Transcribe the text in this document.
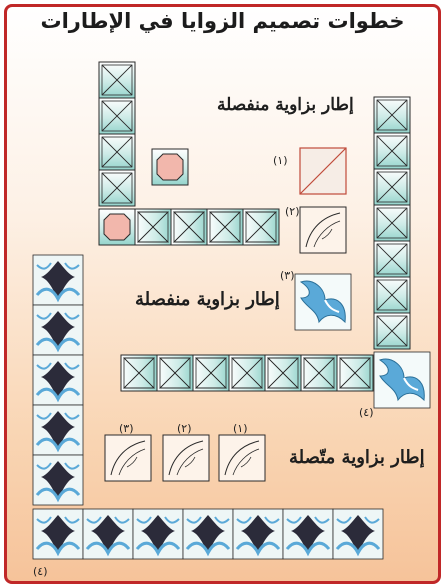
خطوات تصميم الزوايا في الإطارات
إطار بزاوية منفصلة
إطار بزاوية منفصلة
إطار بزاوية متّصلة
(١)
(٢)
(٣)
(٤)
(٣)	(٢)	(١)
(٤)
